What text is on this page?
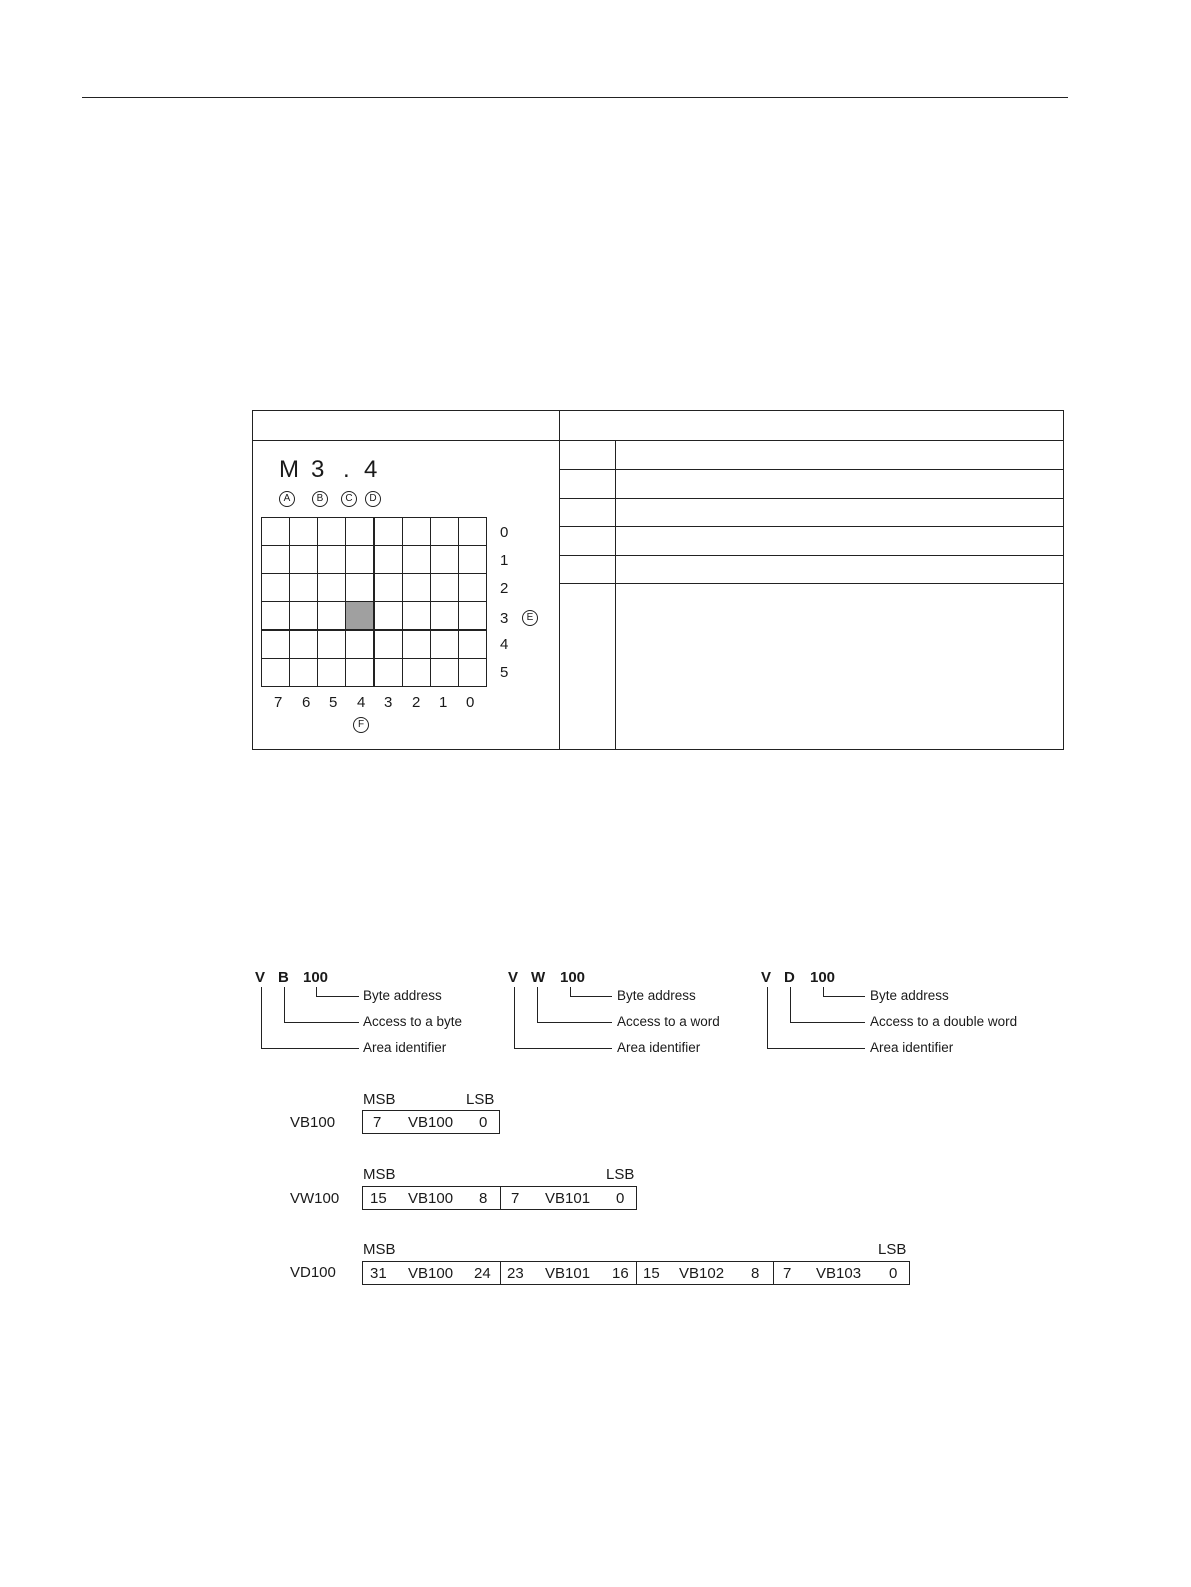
M 3 . 4
A	B	C	D
E
F
0
1
2
3
4
5
7 6 5 4 3 2 1 0
V B 100
Byte address
Access to a byte
Area identifier
V W 100
Byte address
Access to a word
Area identifier
V D 100
Byte address
Access to a double word
Area identifier
MSB	LSB
VB100	7 VB100 0
MSB	LSB
VW100 15 VB100 8 7 VB101 0
MSB	LSB
VD100 31 VB100 24 23 VB101 16 15 VB102 8 7 VB103 0
